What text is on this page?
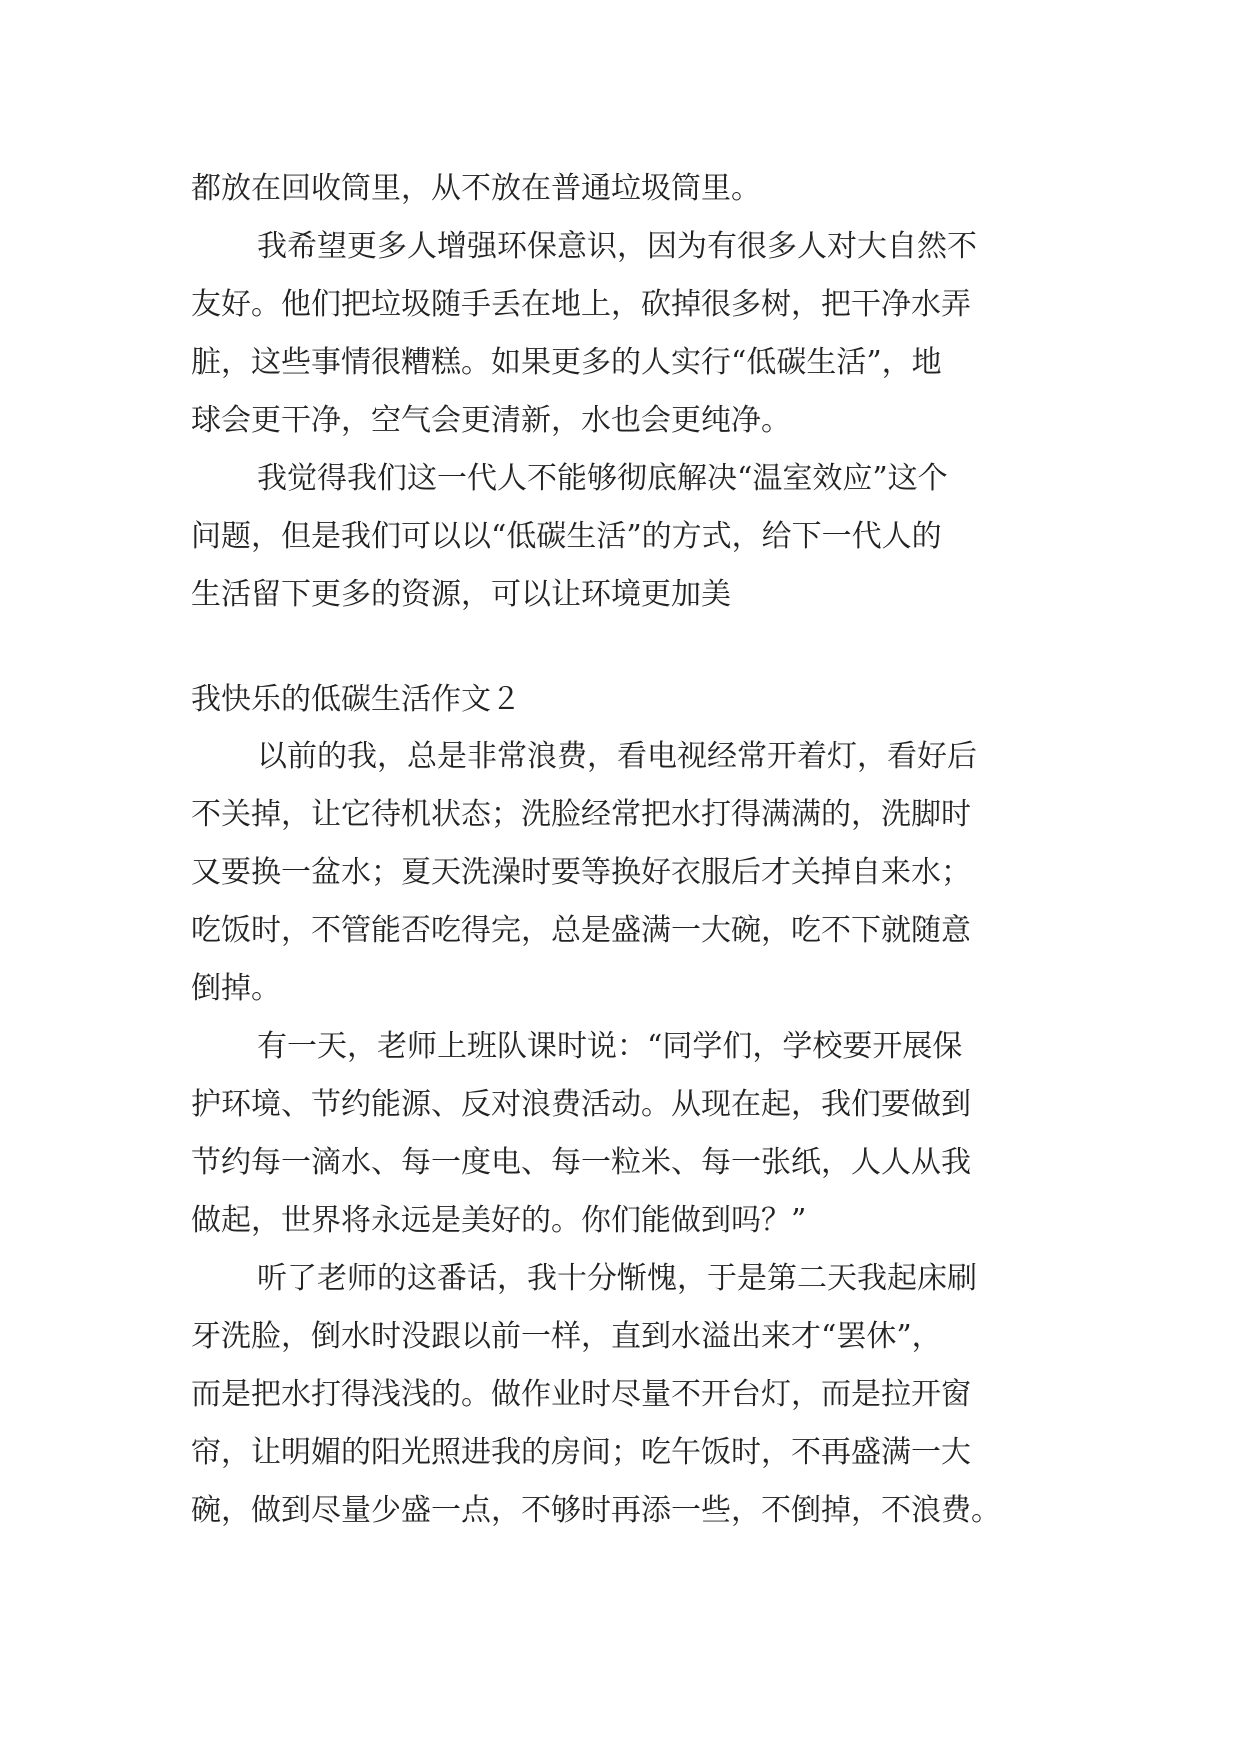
都放在回收筒里，从不放在普通垃圾筒里。
我希望更多人增强环保意识，因为有很多人对大自然不
友好。他们把垃圾随手丢在地上，砍掉很多树，把干净水弄
脏，这些事情很糟糕。如果更多的人实行“低碳生活”，地
球会更干净，空气会更清新，水也会更纯净。
我觉得我们这一代人不能够彻底解决“温室效应”这个
问题，但是我们可以以“低碳生活”的方式，给下一代人的
生活留下更多的资源，可以让环境更加美
我快乐的低碳生活作文２
以前的我，总是非常浪费，看电视经常开着灯，看好后
不关掉，让它待机状态；洗脸经常把水打得满满的，洗脚时
又要换一盆水；夏天洗澡时要等换好衣服后才关掉自来水；
吃饭时，不管能否吃得完，总是盛满一大碗，吃不下就随意
倒掉。
有一天，老师上班队课时说：“同学们，学校要开展保
护环境、节约能源、反对浪费活动。从现在起，我们要做到
节约每一滴水、每一度电、每一粒米、每一张纸，人人从我
做起，世界将永远是美好的。你们能做到吗？”
听了老师的这番话，我十分惭愧，于是第二天我起床刷
牙洗脸，倒水时没跟以前一样，直到水溢出来才“罢休”，
而是把水打得浅浅的。做作业时尽量不开台灯，而是拉开窗
帘，让明媚的阳光照进我的房间；吃午饭时，不再盛满一大
碗，做到尽量少盛一点，不够时再添一些，不倒掉，不浪费。
